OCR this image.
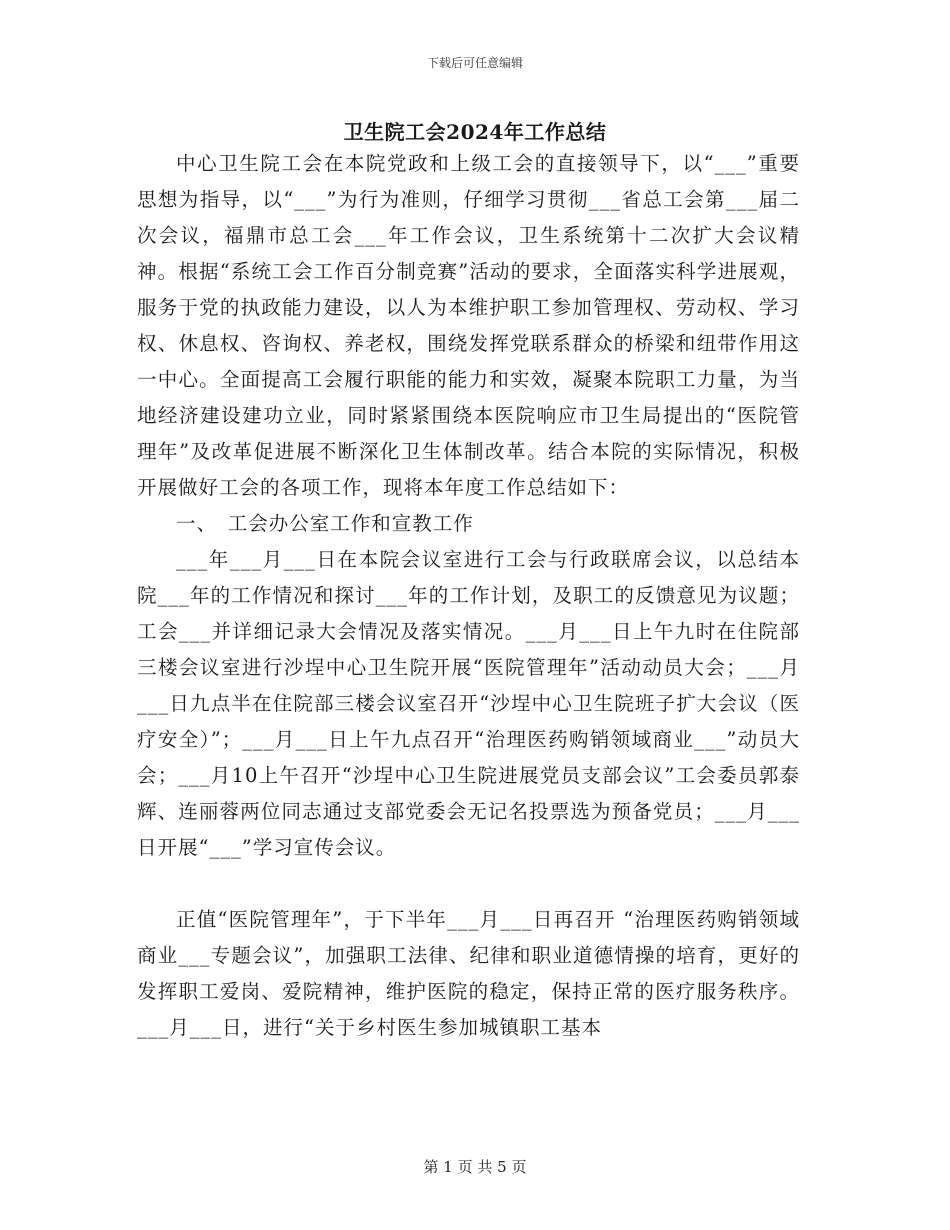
下载后可任意编辑
卫生院工会2024年工作总结

中心卫生院工会在本院党政和上级工会的直接领导下，以“___”重要思想为指导，以“___”为行为准则，仔细学习贯彻___省总工会第___届二次会议，福鼎市总工会___年工作会议，卫生系统第十二次扩大会议精神。根据“系统工会工作百分制竞赛”活动的要求，全面落实科学进展观，服务于党的执政能力建设，以人为本维护职工参加管理权、劳动权、学习权、休息权、咨询权、养老权，围绕发挥党联系群众的桥梁和纽带作用这一中心。全面提高工会履行职能的能力和实效，凝聚本院职工力量，为当地经济建设建功立业，同时紧紧围绕本医院响应市卫生局提出的“医院管理年”及改革促进展不断深化卫生体制改革。结合本院的实际情况，积极开展做好工会的各项工作，现将本年度工作总结如下：

一、　工会办公室工作和宣教工作

___年___月___日在本院会议室进行工会与行政联席会议，以总结本院___年的工作情况和探讨___年的工作计划，及职工的反馈意见为议题；工会___并详细记录大会情况及落实情况。___月___日上午九时在住院部三楼会议室进行沙埕中心卫生院开展“医院管理年”活动动员大会；___月___日九点半在住院部三楼会议室召开“沙埕中心卫生院班子扩大会议（医疗安全）”；___月___日上午九点召开“治理医药购销领域商业___”动员大会；___月10上午召开“沙埕中心卫生院进展党员支部会议”工会委员郭泰辉、连丽蓉两位同志通过支部党委会无记名投票选为预备党员；___月___日开展“___”学习宣传会议。

正值“医院管理年”，于下半年___月___日再召开 “治理医药购销领域商业___专题会议”，加强职工法律、纪律和职业道德情操的培育，更好的发挥职工爱岗、爱院精神，维护医院的稳定，保持正常的医疗服务秩序。___月___日，进行“关于乡村医生参加城镇职工基本

第 1 页 共 5 页
